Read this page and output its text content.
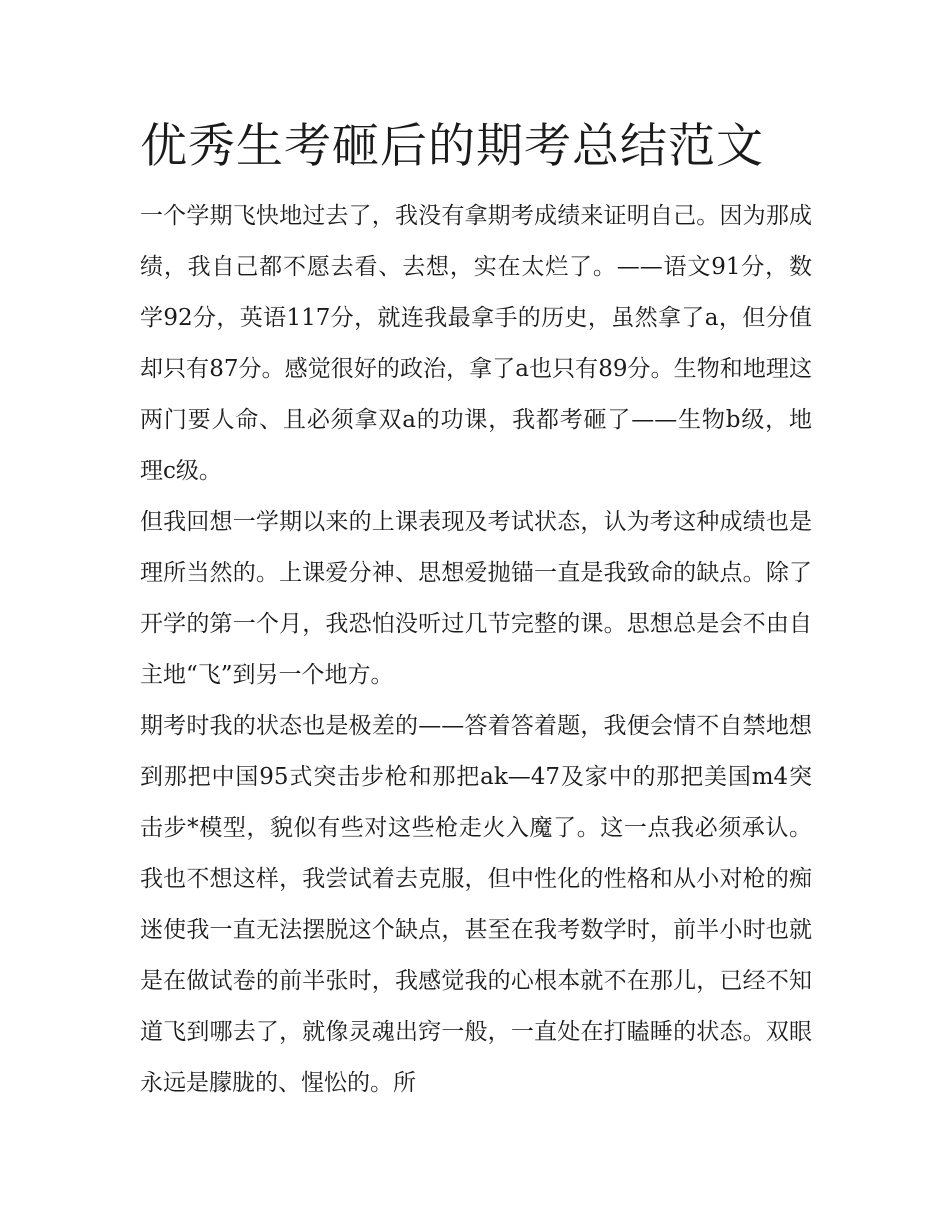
优秀生考砸后的期考总结范文

一个学期飞快地过去了，我没有拿期考成绩来证明自己。因为那成绩，我自己都不愿去看、去想，实在太烂了。——语文91分，数学92分，英语117分，就连我最拿手的历史，虽然拿了a，但分值却只有87分。感觉很好的政治，拿了a也只有89分。生物和地理这两门要人命、且必须拿双a的功课，我都考砸了——生物b级，地理c级。

但我回想一学期以来的上课表现及考试状态，认为考这种成绩也是理所当然的。上课爱分神、思想爱抛锚一直是我致命的缺点。除了开学的第一个月，我恐怕没听过几节完整的课。思想总是会不由自主地“飞”到另一个地方。

期考时我的状态也是极差的——答着答着题，我便会情不自禁地想到那把中国95式突击步枪和那把ak—47及家中的那把美国m4突击步*模型，貌似有些对这些枪走火入魔了。这一点我必须承认。我也不想这样，我尝试着去克服，但中性化的性格和从小对枪的痴迷使我一直无法摆脱这个缺点，甚至在我考数学时，前半小时也就是在做试卷的前半张时，我感觉我的心根本就不在那儿，已经不知道飞到哪去了，就像灵魂出窍一般，一直处在打瞌睡的状态。双眼永远是朦胧的、惺忪的。所
